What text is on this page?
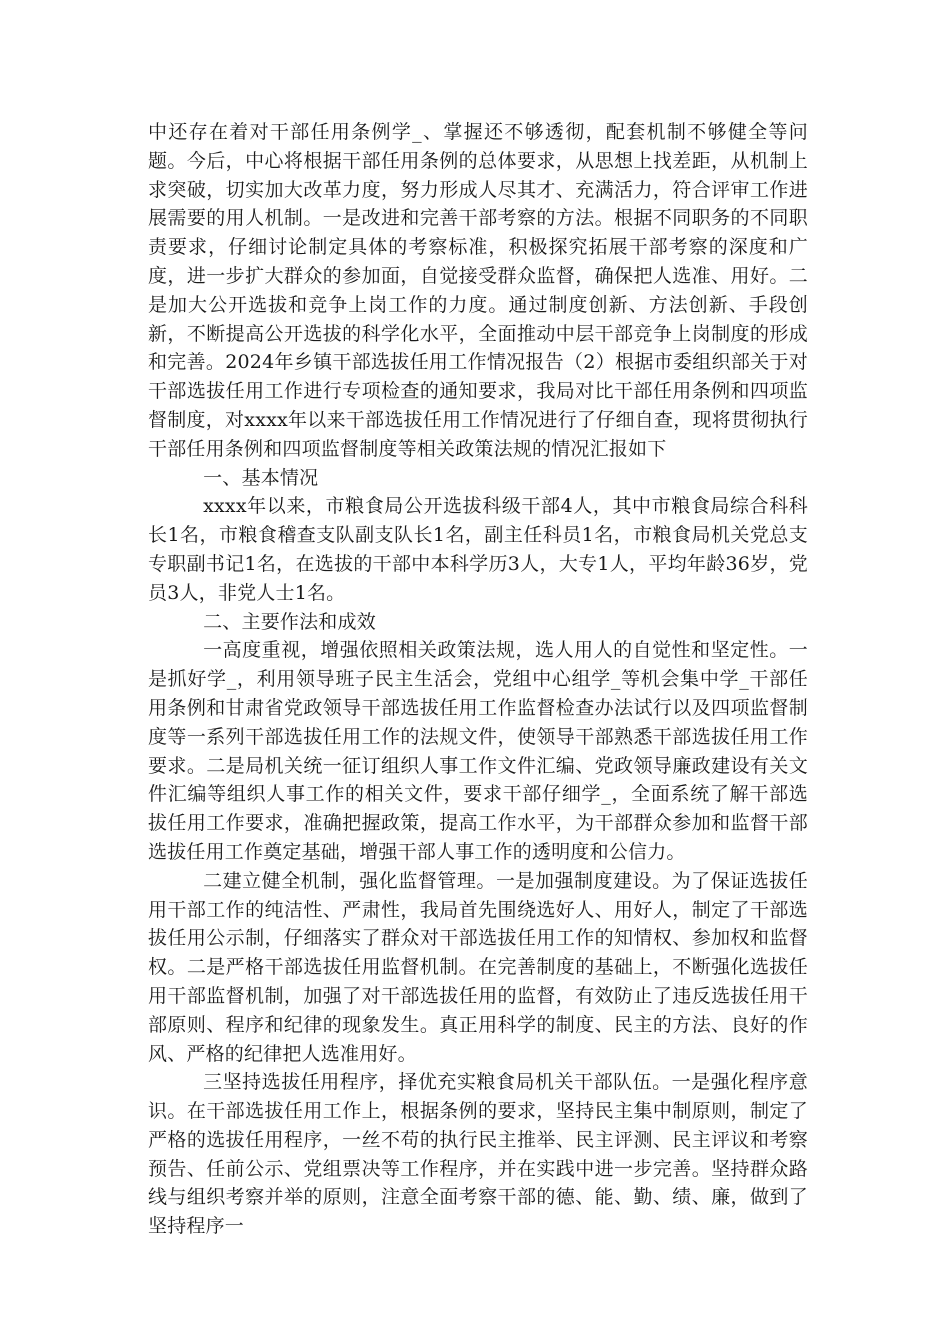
中还存在着对干部任用条例学_、掌握还不够透彻，配套机制不够健全等问题。今后，中心将根据干部任用条例的总体要求，从思想上找差距，从机制上求突破，切实加大改革力度，努力形成人尽其才、充满活力，符合评审工作进展需要的用人机制。一是改进和完善干部考察的方法。根据不同职务的不同职责要求，仔细讨论制定具体的考察标准，积极探究拓展干部考察的深度和广度，进一步扩大群众的参加面，自觉接受群众监督，确保把人选准、用好。二是加大公开选拔和竞争上岗工作的力度。通过制度创新、方法创新、手段创新，不断提高公开选拔的科学化水平，全面推动中层干部竞争上岗制度的形成和完善。2024年乡镇干部选拔任用工作情况报告（2）根据市委组织部关于对干部选拔任用工作进行专项检查的通知要求，我局对比干部任用条例和四项监督制度，对xxxx年以来干部选拔任用工作情况进行了仔细自查，现将贯彻执行干部任用条例和四项监督制度等相关政策法规的情况汇报如下

一、基本情况

xxxx年以来，市粮食局公开选拔科级干部4人，其中市粮食局综合科科长1名，市粮食稽查支队副支队长1名，副主任科员1名，市粮食局机关党总支专职副书记1名，在选拔的干部中本科学历3人，大专1人，平均年龄36岁，党员3人，非党人士1名。

二、主要作法和成效

一高度重视，增强依照相关政策法规，选人用人的自觉性和坚定性。一是抓好学_，利用领导班子民主生活会，党组中心组学_等机会集中学_干部任用条例和甘肃省党政领导干部选拔任用工作监督检查办法试行以及四项监督制度等一系列干部选拔任用工作的法规文件，使领导干部熟悉干部选拔任用工作要求。二是局机关统一征订组织人事工作文件汇编、党政领导廉政建设有关文件汇编等组织人事工作的相关文件，要求干部仔细学_，全面系统了解干部选拔任用工作要求，准确把握政策，提高工作水平，为干部群众参加和监督干部选拔任用工作奠定基础，增强干部人事工作的透明度和公信力。

二建立健全机制，强化监督管理。一是加强制度建设。为了保证选拔任用干部工作的纯洁性、严肃性，我局首先围绕选好人、用好人，制定了干部选拔任用公示制，仔细落实了群众对干部选拔任用工作的知情权、参加权和监督权。二是严格干部选拔任用监督机制。在完善制度的基础上，不断强化选拔任用干部监督机制，加强了对干部选拔任用的监督，有效防止了违反选拔任用干部原则、程序和纪律的现象发生。真正用科学的制度、民主的方法、良好的作风、严格的纪律把人选准用好。

三坚持选拔任用程序，择优充实粮食局机关干部队伍。一是强化程序意识。在干部选拔任用工作上，根据条例的要求，坚持民主集中制原则，制定了严格的选拔任用程序，一丝不苟的执行民主推举、民主评测、民主评议和考察预告、任前公示、党组票决等工作程序，并在实践中进一步完善。坚持群众路线与组织考察并举的原则，注意全面考察干部的德、能、勤、绩、廉，做到了坚持程序一
